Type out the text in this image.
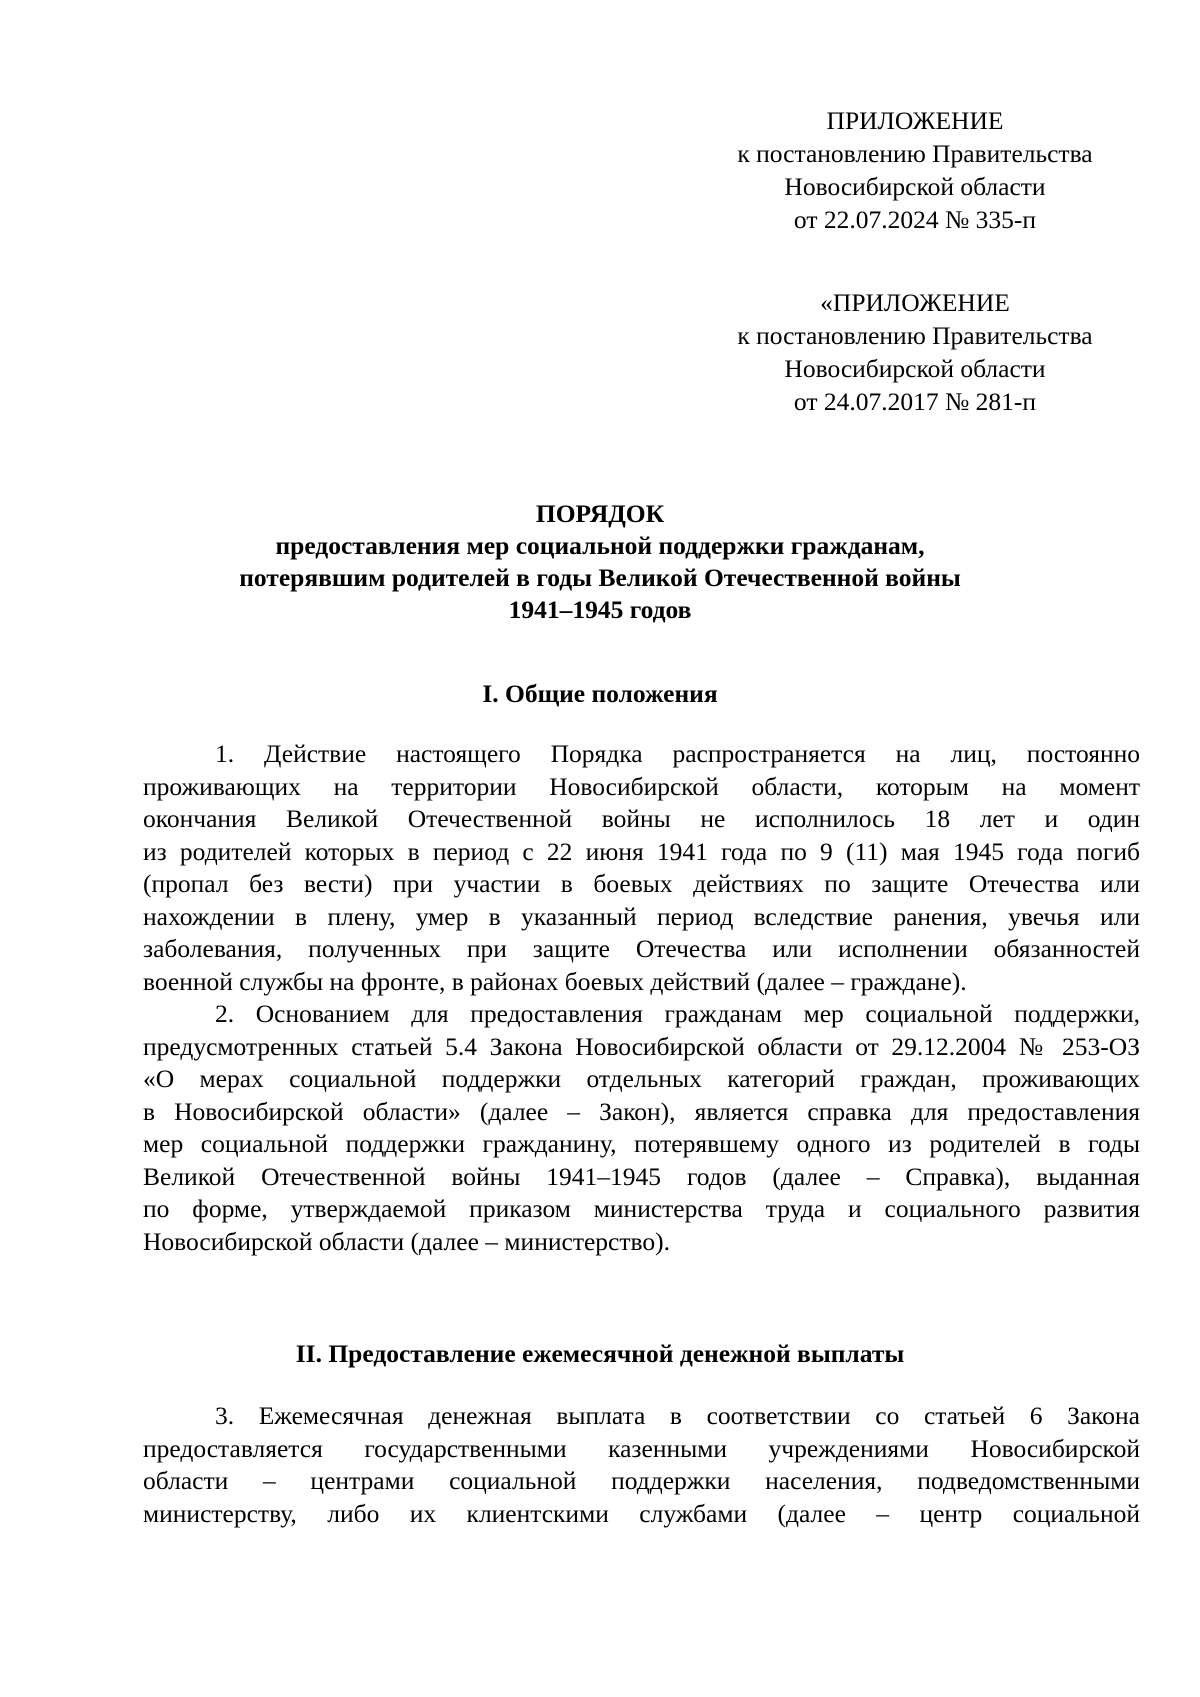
ПРИЛОЖЕНИЕ
к постановлению Правительства
Новосибирской области
от 22.07.2024 № 335-п
«ПРИЛОЖЕНИЕ
к постановлению Правительства
Новосибирской области
от 24.07.2017 № 281-п
ПОРЯДОК
предоставления мер социальной поддержки гражданам,
потерявшим родителей в годы Великой Отечественной войны
1941–1945 годов
I. Общие положения
1. Действие настоящего Порядка распространяется на лиц, постоянно
проживающих на территории Новосибирской области, которым на момент
окончания Великой Отечественной войны не исполнилось 18 лет и один
из родителей которых в период с 22 июня 1941 года по 9 (11) мая 1945 года погиб
(пропал без вести) при участии в боевых действиях по защите Отечества или
нахождении в плену, умер в указанный период вследствие ранения, увечья или
заболевания, полученных при защите Отечества или исполнении обязанностей
военной службы на фронте, в районах боевых действий (далее – граждане).
2. Основанием для предоставления гражданам мер социальной поддержки,
предусмотренных статьей 5.4 Закона Новосибирской области от 29.12.2004 № 253-ОЗ
«О мерах социальной поддержки отдельных категорий граждан, проживающих
в Новосибирской области» (далее – Закон), является справка для предоставления
мер социальной поддержки гражданину, потерявшему одного из родителей в годы
Великой Отечественной войны 1941–1945 годов (далее – Справка), выданная
по форме, утверждаемой приказом министерства труда и социального развития
Новосибирской области (далее – министерство).
II. Предоставление ежемесячной денежной выплаты
3. Ежемесячная денежная выплата в соответствии со статьей 6 Закона
предоставляется государственными казенными учреждениями Новосибирской
области – центрами социальной поддержки населения, подведомственными
министерству, либо их клиентскими службами (далее – центр социальной
